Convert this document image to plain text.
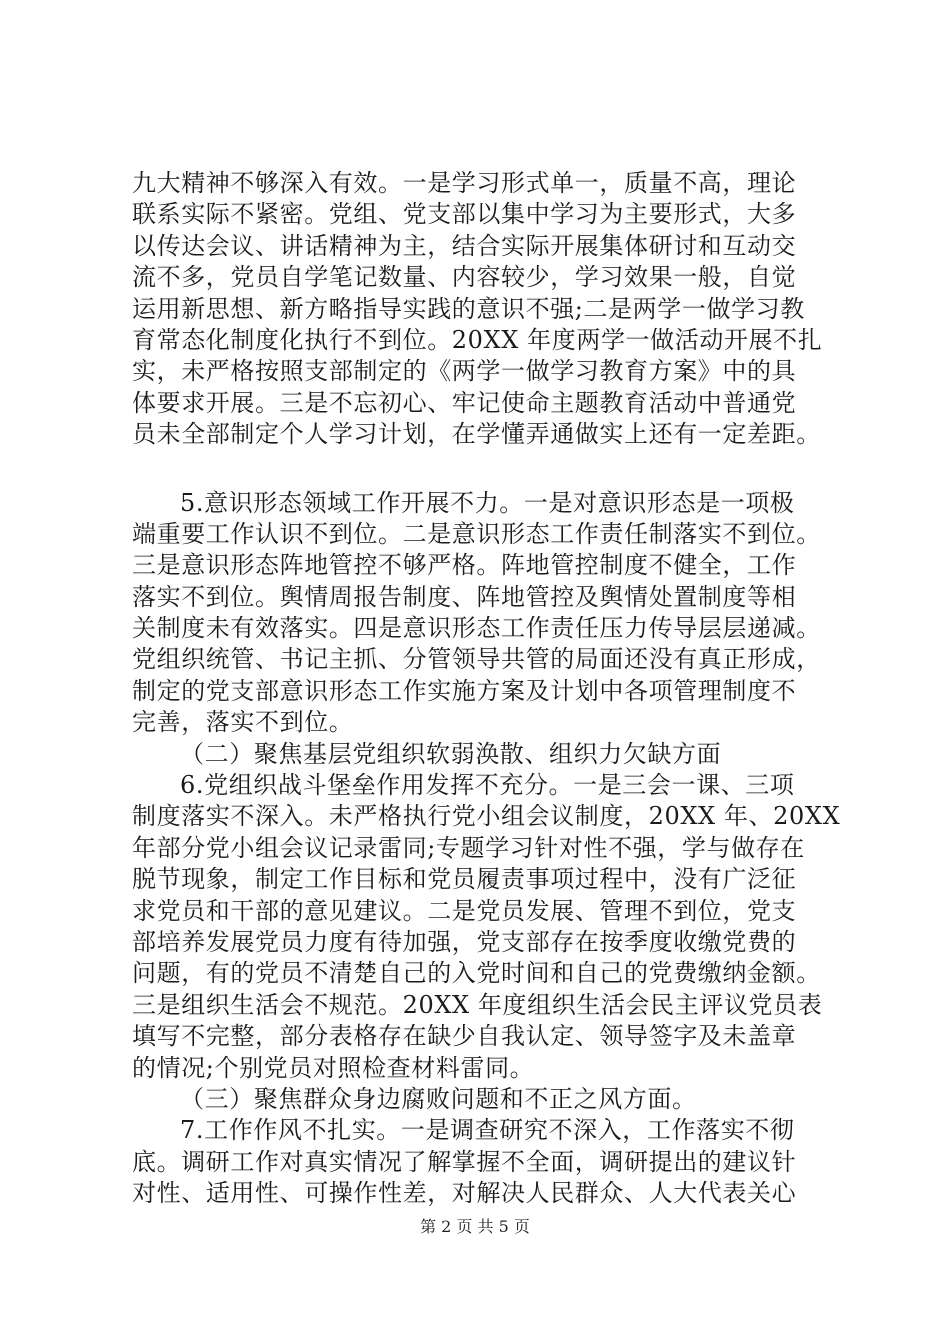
九大精神不够深入有效。一是学习形式单一，质量不高，理论
联系实际不紧密。党组、党支部以集中学习为主要形式，大多
以传达会议、讲话精神为主，结合实际开展集体研讨和互动交
流不多，党员自学笔记数量、内容较少，学习效果一般，自觉
运用新思想、新方略指导实践的意识不强;二是两学一做学习教
育常态化制度化执行不到位。20XX 年度两学一做活动开展不扎
实，未严格按照支部制定的《两学一做学习教育方案》中的具
体要求开展。三是不忘初心、牢记使命主题教育活动中普通党
员未全部制定个人学习计划，在学懂弄通做实上还有一定差距。
5.意识形态领域工作开展不力。一是对意识形态是一项极
端重要工作认识不到位。二是意识形态工作责任制落实不到位。
三是意识形态阵地管控不够严格。阵地管控制度不健全，工作
落实不到位。舆情周报告制度、阵地管控及舆情处置制度等相
关制度未有效落实。四是意识形态工作责任压力传导层层递减。
党组织统管、书记主抓、分管领导共管的局面还没有真正形成，
制定的党支部意识形态工作实施方案及计划中各项管理制度不
完善，落实不到位。
（二）聚焦基层党组织软弱涣散、组织力欠缺方面
6.党组织战斗堡垒作用发挥不充分。一是三会一课、三项
制度落实不深入。未严格执行党小组会议制度，20XX 年、20XX
年部分党小组会议记录雷同;专题学习针对性不强，学与做存在
脱节现象，制定工作目标和党员履责事项过程中，没有广泛征
求党员和干部的意见建议。二是党员发展、管理不到位，党支
部培养发展党员力度有待加强，党支部存在按季度收缴党费的
问题，有的党员不清楚自己的入党时间和自己的党费缴纳金额。
三是组织生活会不规范。20XX 年度组织生活会民主评议党员表
填写不完整，部分表格存在缺少自我认定、领导签字及未盖章
的情况;个别党员对照检查材料雷同。
（三）聚焦群众身边腐败问题和不正之风方面。
7.工作作风不扎实。一是调查研究不深入，工作落实不彻
底。调研工作对真实情况了解掌握不全面，调研提出的建议针
对性、适用性、可操作性差，对解决人民群众、人大代表关心
第 2 页 共 5 页
